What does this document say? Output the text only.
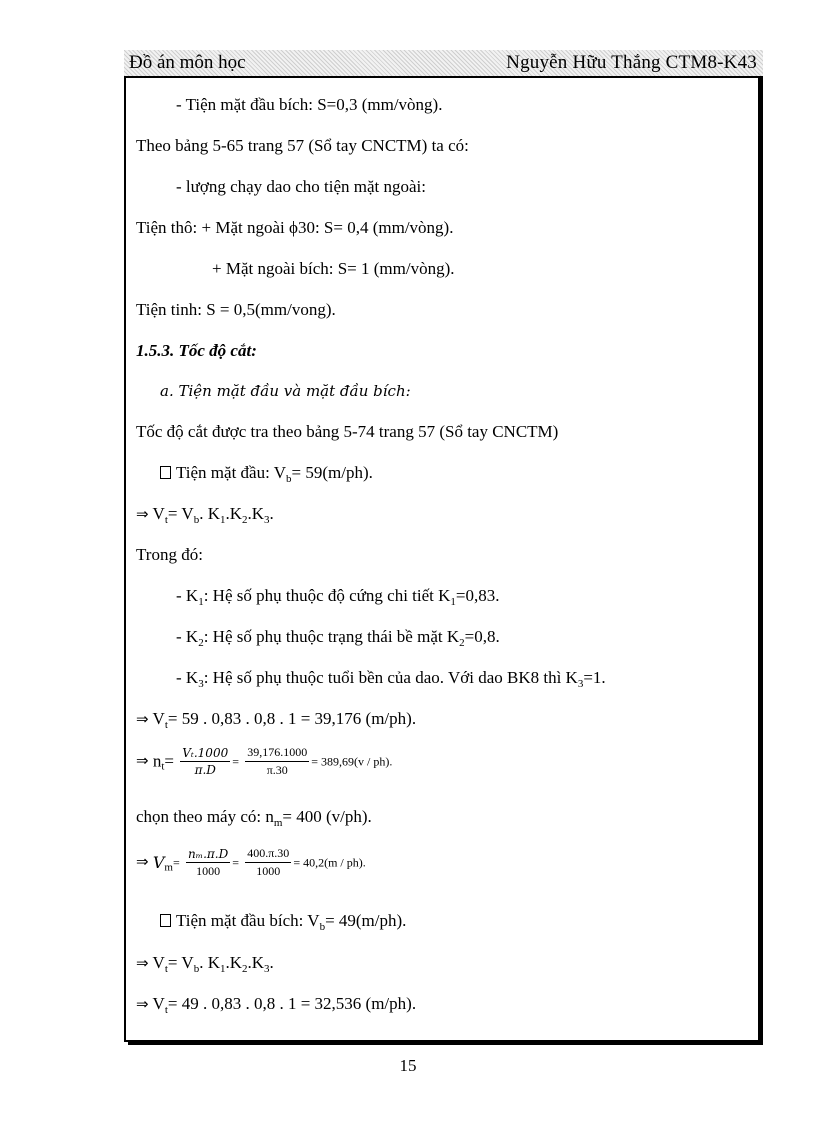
Đồ án môn học	Nguyễn Hữu Thắng CTM8-K43
- Tiện mặt đầu bích: S=0,3 (mm/vòng).
Theo bảng 5-65 trang 57 (Sổ tay CNCTM) ta có:
- lượng chạy dao cho tiện mặt ngoài:
Tiện thô: + Mặt ngoài ϕ30: S= 0,4 (mm/vòng).
+ Mặt ngoài bích: S= 1 (mm/vòng).
Tiện tinh: S = 0,5(mm/vong).
1.5.3. Tốc độ cắt:
a. Tiện mặt đầu và mặt đầu bích:
Tốc độ cắt được tra theo bảng 5-74 trang 57 (Sổ tay CNCTM)
Tiện mặt đầu: $V_b= 59(m/ph)$.
⇒ $V_t= V_b$. $K_1.K_2.K_3$.
Trong đó:
- $K_1$: Hệ số phụ thuộc độ cứng chi tiết $K_1=0,83$.
- $K_2$: Hệ số phụ thuộc trạng thái bề mặt $K_2=0,8$.
- $K_3$: Hệ số phụ thuộc tuổi bền của dao. Với dao BK8 thì $K_3=1$.
⇒ $V_t= 59$ . 0,83 . 0,8 . 1 = 39,176 (m/ph).
⇒ $n_t= \frac{\text{Vₜ.1000}}{\pi.D} = \frac{39,176.1000}{\pi.30} = 389,69(v / ph)$.
chọn theo máy có: $n_m= 400$ (v/ph).
⇒ $V_m= \frac{\text{nₘ.π.D}}{1000} = \frac{400.\pi.30}{1000} = 40,2(m / ph)$.
Tiện mặt đầu bích: $V_b= 49(m/ph)$.
⇒ $V_t= V_b$. $K_1.K_2.K_3$.
⇒ $V_t= 49$ . 0,83 . 0,8 . 1 = 32,536 (m/ph).
15
